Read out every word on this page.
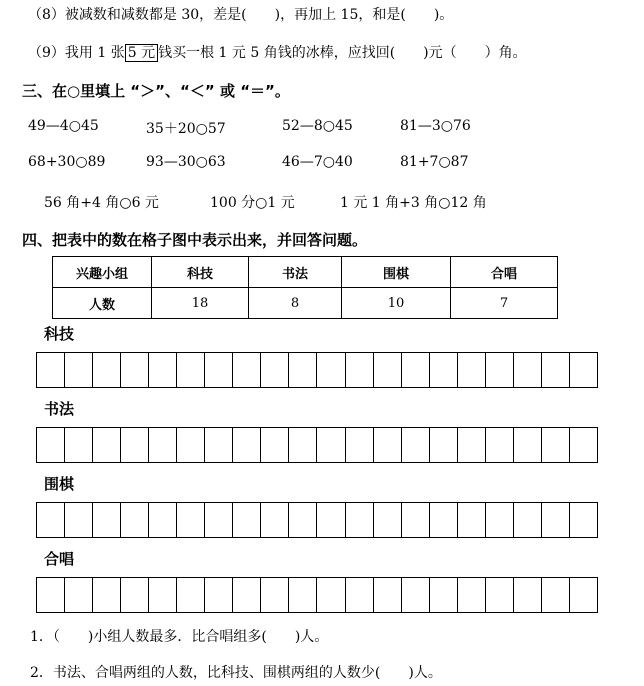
（8）被减数和减数都是 30，差是(　　)，再加上 15，和是(　　)。
（9）我用 1 张 5 元 钱买一根 1 元 5 角钱的冰棒，应找回(　　)元（　　）角。
三、在○里填上 “＞”、“＜” 或 “＝”。
49—4○45	35＋20○57	52—8○45	81—3○76
68+30○89	93—30○63	46—7○40	81+7○87
56 角+4 角○6 元	100 分○1 元	1 元 1 角+3 角○12 角
四、把表中的数在格子图中表示出来，并回答问题。
兴趣小组	科技	书法	围棋	合唱
人数	18	8	10	7
科技
书法
围棋
合唱
1．（　　)小组人数最多．比合唱组多(　　)人。
2．书法、合唱两组的人数，比科技、围棋两组的人数少(　　)人。
